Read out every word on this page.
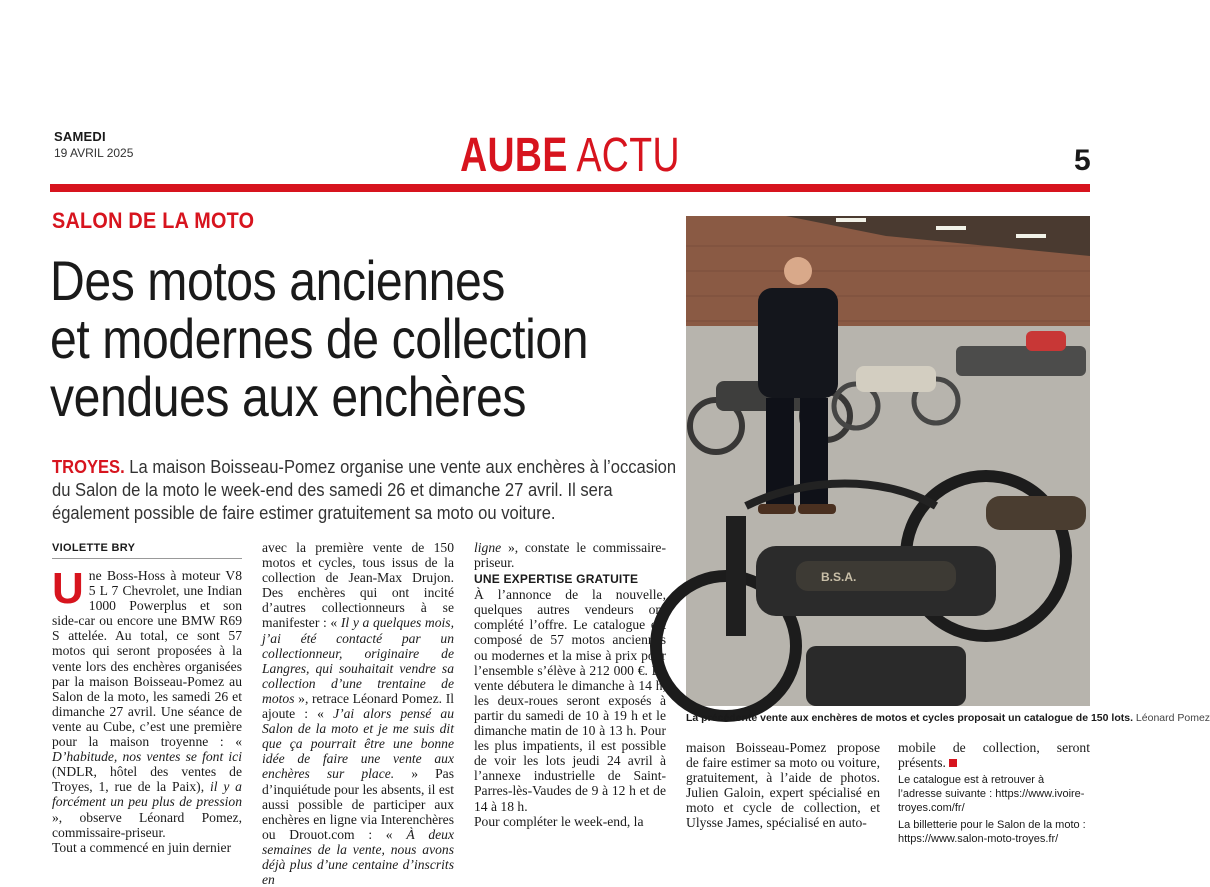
SAMEDI
19 AVRIL 2025	AUBE ACTU	5
SALON DE LA MOTO
Des motos anciennes
et modernes de collection
vendues aux enchères
TROYES. La maison Boisseau-Pomez organise une vente aux enchères à l’occasion
du Salon de la moto le week-end des samedi 26 et dimanche 27 avril. Il sera
également possible de faire estimer gratuitement sa moto ou voiture.
VIOLETTE BRY

Une Boss-Hoss à moteur V8 5 L 7 Chevrolet, une Indian 1000 Powerplus et son side-car ou encore une BMW R69 S attelée. Au total, ce sont 57 motos qui seront proposées à la vente lors des enchères organisées par la maison Boisseau-Pomez au Salon de la moto, les samedi 26 et dimanche 27 avril. Une séance de vente au Cube, c’est une première pour la maison troyenne : « D’habitude, nos ventes se font ici (NDLR, hôtel des ventes de Troyes, 1, rue de la Paix), il y a forcément un peu plus de pression », observe Léonard Pomez, commissaire-priseur.

Tout a commencé en juin dernier

avec la première vente de 150 motos et cycles, tous issus de la collection de Jean-Max Drujon. Des enchères qui ont incité d’autres collectionneurs à se manifester : « Il y a quelques mois, j’ai été contacté par un collectionneur, originaire de Langres, qui souhaitait vendre sa collection d’une trentaine de motos », retrace Léonard Pomez. Il ajoute : « J’ai alors pensé au Salon de la moto et je me suis dit que ça pourrait être une bonne idée de faire une vente aux enchères sur place. » Pas d’inquiétude pour les absents, il est aussi possible de participer aux enchères en ligne via Interenchères ou Drouot.com : « À deux semaines de la vente, nous avons déjà plus d’une centaine d’inscrits en

ligne », constate le commissaire-priseur.

UNE EXPERTISE GRATUITE

À l’annonce de la nouvelle, quelques autres vendeurs ont complété l’offre. Le catalogue est composé de 57 motos anciennes ou modernes et la mise à prix pour l’ensemble s’élève à 212 000 €. La vente débutera le dimanche à 14 h, les deux-roues seront exposés à partir du samedi de 10 à 19 h et le dimanche matin de 10 à 13 h. Pour les plus impatients, il est possible de voir les lots jeudi 24 avril à l’annexe industrielle de Saint-Parres-lès-Vaudes de 9 à 12 h et de 14 à 18 h.

Pour compléter le week-end, la

maison Boisseau-Pomez propose de faire estimer sa moto ou voiture, gratuitement, à l’aide de photos. Julien Galoin, expert spécialisé en moto et cycle de collection, et Ulysse James, spécialisé en auto-

mobile de collection, seront présents.

Le catalogue est à retrouver à l’adresse suivante : https://www.ivoire-troyes.com/fr/
La billetterie pour le Salon de la moto : https://www.salon-moto-troyes.fr/
B.S.A.
La précédente vente aux enchères de motos et cycles proposait un catalogue de 150 lots. Léonard Pomez
